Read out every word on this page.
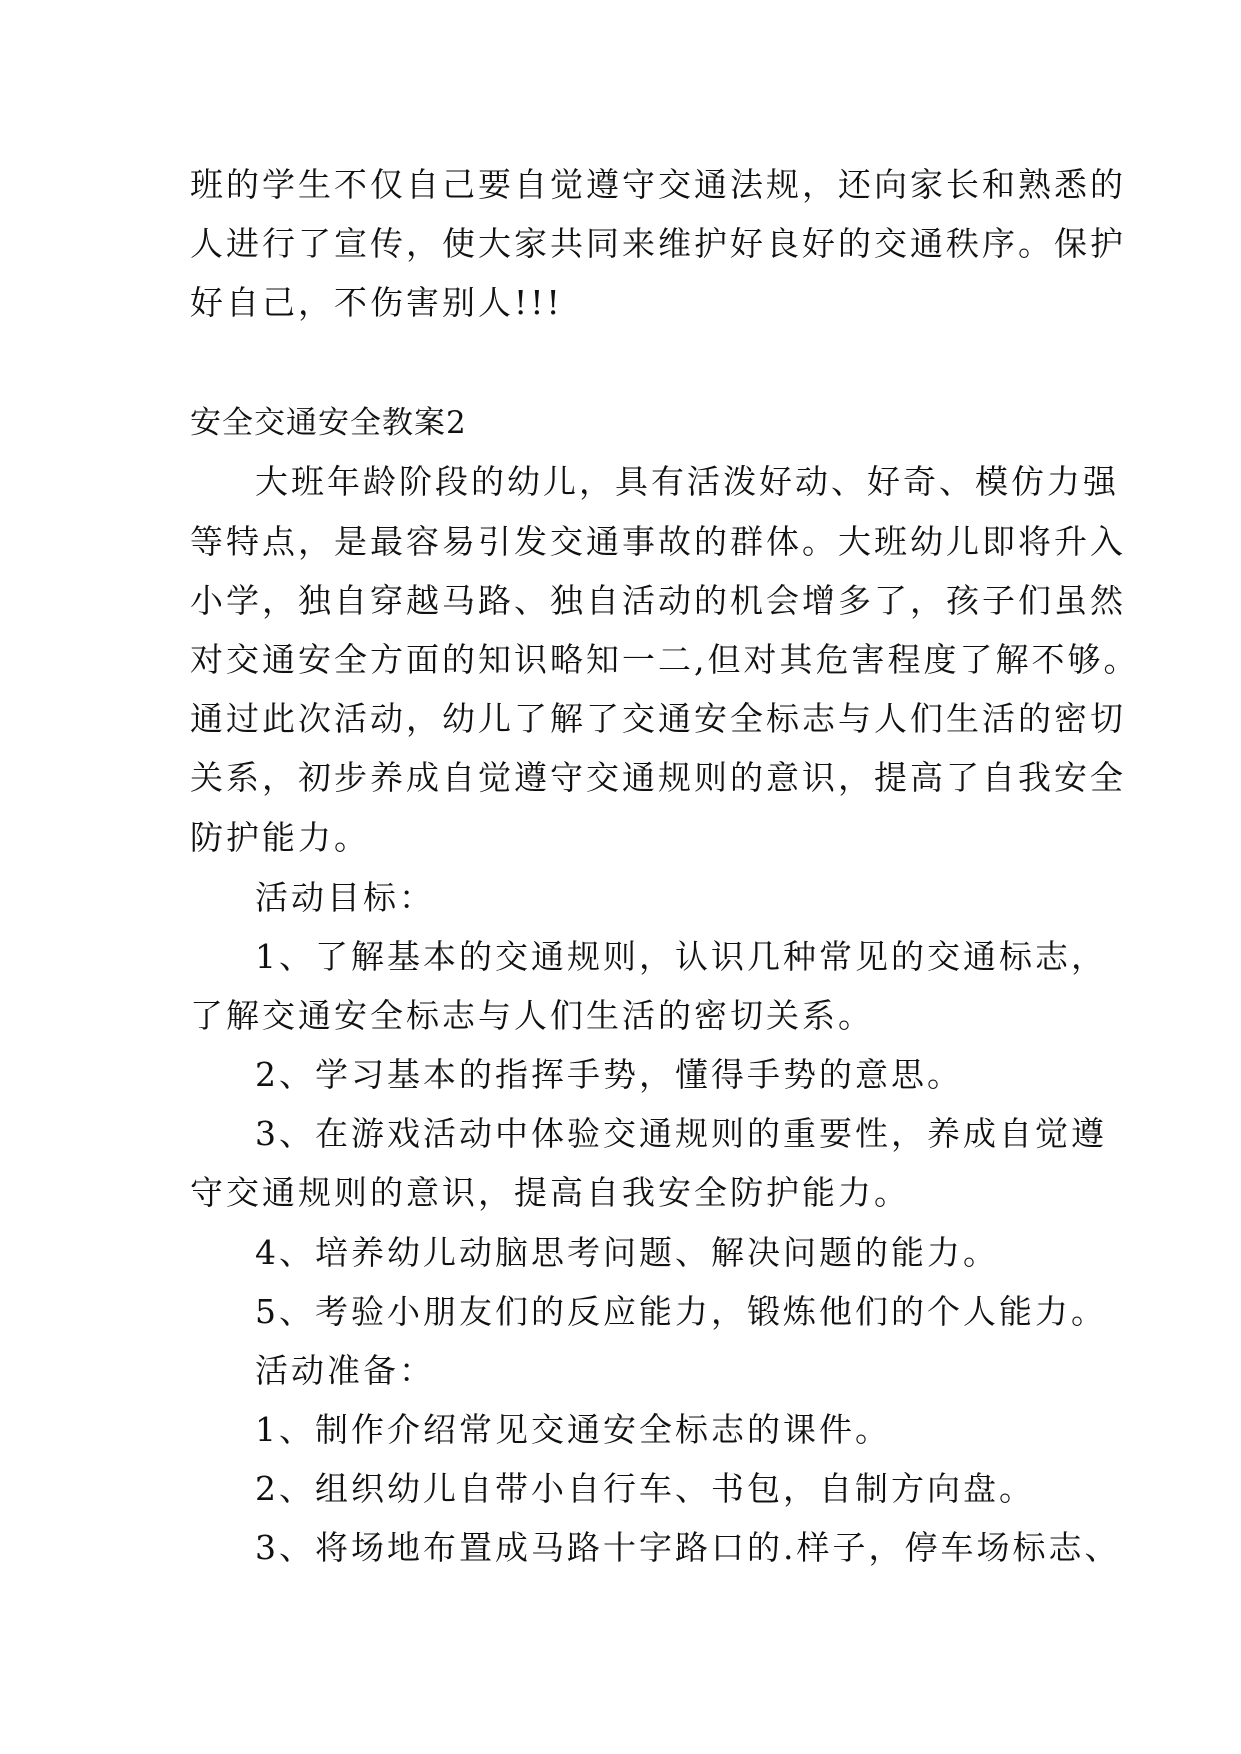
班的学生不仅自己要自觉遵守交通法规，还向家长和熟悉的
人进行了宣传，使大家共同来维护好良好的交通秩序。保护
好自己，不伤害别人!!!
安全交通安全教案2
大班年龄阶段的幼儿，具有活泼好动、好奇、模仿力强
等特点，是最容易引发交通事故的群体。大班幼儿即将升入
小学，独自穿越马路、独自活动的机会增多了，孩子们虽然
对交通安全方面的知识略知一二,但对其危害程度了解不够。
通过此次活动，幼儿了解了交通安全标志与人们生活的密切
关系，初步养成自觉遵守交通规则的意识，提高了自我安全
防护能力。
活动目标：
1、了解基本的交通规则，认识几种常见的交通标志，
了解交通安全标志与人们生活的密切关系。
2、学习基本的指挥手势，懂得手势的意思。
3、在游戏活动中体验交通规则的重要性，养成自觉遵
守交通规则的意识，提高自我安全防护能力。
4、培养幼儿动脑思考问题、解决问题的能力。
5、考验小朋友们的反应能力，锻炼他们的个人能力。
活动准备：
1、制作介绍常见交通安全标志的课件。
2、组织幼儿自带小自行车、书包，自制方向盘。
3、将场地布置成马路十字路口的.样子，停车场标志、
